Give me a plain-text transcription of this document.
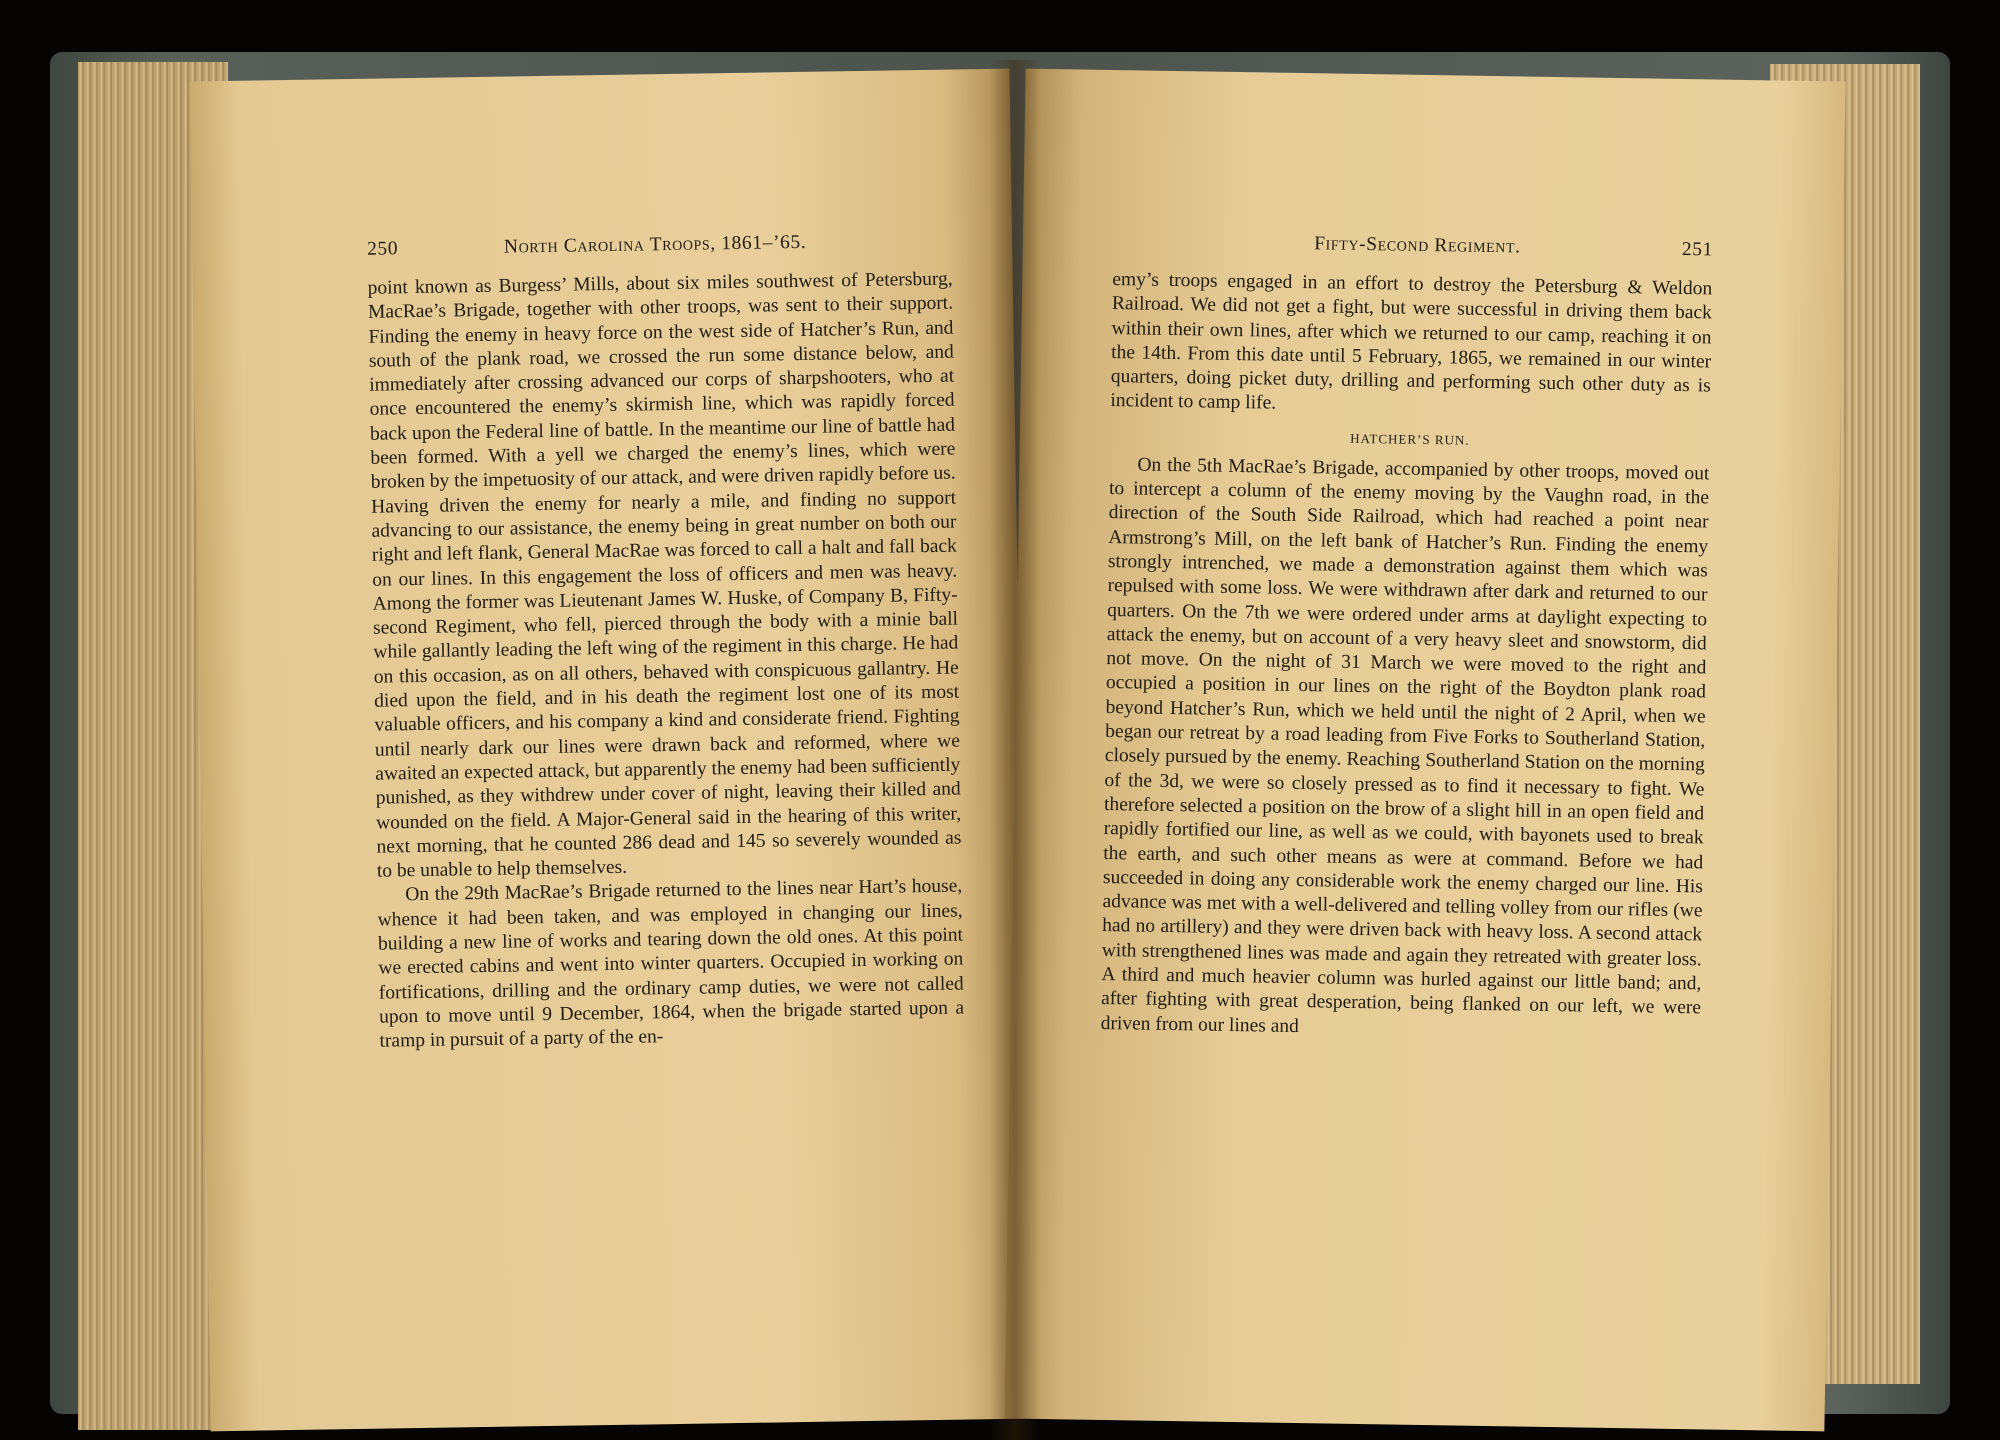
250	North Carolina Troops, 1861–’65.

point known as Burgess’ Mills, about six miles southwest of Petersburg, MacRae’s Brigade, together with other troops, was sent to their support. Finding the enemy in heavy force on the west side of Hatcher’s Run, and south of the plank road, we crossed the run some distance below, and immediately after crossing advanced our corps of sharpshooters, who at once encountered the enemy’s skirmish line, which was rapidly forced back upon the Federal line of battle. In the meantime our line of battle had been formed. With a yell we charged the enemy’s lines, which were broken by the impetuosity of our attack, and were driven rapidly before us. Having driven the enemy for nearly a mile, and finding no support advancing to our assistance, the enemy being in great number on both our right and left flank, General MacRae was forced to call a halt and fall back on our lines. In this engagement the loss of officers and men was heavy. Among the former was Lieutenant James W. Huske, of Company B, Fifty-second Regiment, who fell, pierced through the body with a minie ball while gallantly leading the left wing of the regiment in this charge. He had on this occasion, as on all others, behaved with conspicuous gallantry. He died upon the field, and in his death the regiment lost one of its most valuable officers, and his company a kind and considerate friend. Fighting until nearly dark our lines were drawn back and reformed, where we awaited an expected attack, but apparently the enemy had been sufficiently punished, as they withdrew under cover of night, leaving their killed and wounded on the field. A Major-General said in the hearing of this writer, next morning, that he counted 286 dead and 145 so severely wounded as to be unable to help themselves.

On the 29th MacRae’s Brigade returned to the lines near Hart’s house, whence it had been taken, and was employed in changing our lines, building a new line of works and tearing down the old ones. At this point we erected cabins and went into winter quarters. Occupied in working on fortifications, drilling and the ordinary camp duties, we were not called upon to move until 9 December, 1864, when the brigade started upon a tramp in pursuit of a party of the en-

Fifty-Second Regiment.	251

emy’s troops engaged in an effort to destroy the Petersburg & Weldon Railroad. We did not get a fight, but were successful in driving them back within their own lines, after which we returned to our camp, reaching it on the 14th. From this date until 5 February, 1865, we remained in our winter quarters, doing picket duty, drilling and performing such other duty as is incident to camp life.

HATCHER’S RUN.

On the 5th MacRae’s Brigade, accompanied by other troops, moved out to intercept a column of the enemy moving by the Vaughn road, in the direction of the South Side Railroad, which had reached a point near Armstrong’s Mill, on the left bank of Hatcher’s Run. Finding the enemy strongly intrenched, we made a demonstration against them which was repulsed with some loss. We were withdrawn after dark and returned to our quarters. On the 7th we were ordered under arms at daylight expecting to attack the enemy, but on account of a very heavy sleet and snowstorm, did not move. On the night of 31 March we were moved to the right and occupied a position in our lines on the right of the Boydton plank road beyond Hatcher’s Run, which we held until the night of 2 April, when we began our retreat by a road leading from Five Forks to Southerland Station, closely pursued by the enemy. Reaching Southerland Station on the morning of the 3d, we were so closely pressed as to find it necessary to fight. We therefore selected a position on the brow of a slight hill in an open field and rapidly fortified our line, as well as we could, with bayonets used to break the earth, and such other means as were at command. Before we had succeeded in doing any considerable work the enemy charged our line. His advance was met with a well-delivered and telling volley from our rifles (we had no artillery) and they were driven back with heavy loss. A second attack with strengthened lines was made and again they retreated with greater loss. A third and much heavier column was hurled against our little band; and, after fighting with great desperation, being flanked on our left, we were driven from our lines and
